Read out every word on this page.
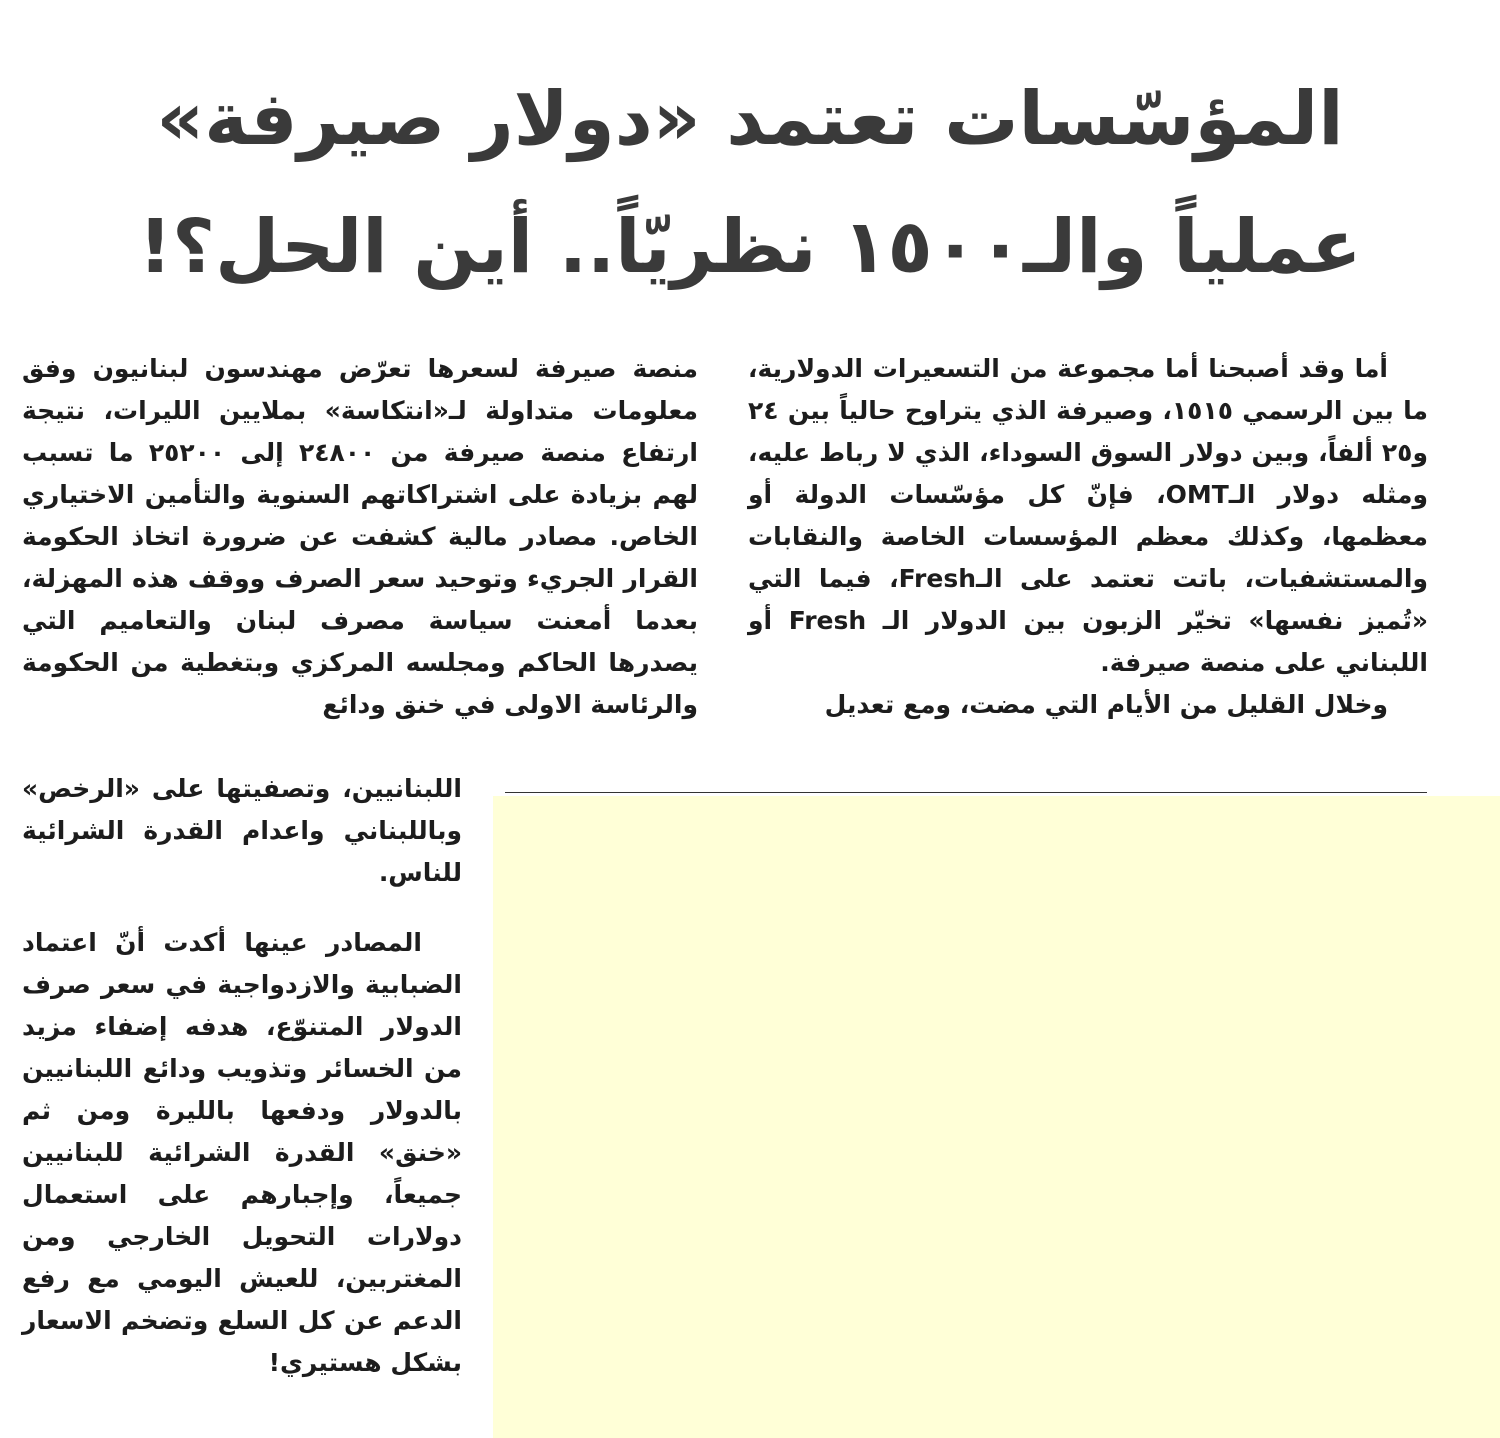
المؤسّسات تعتمد «دولار صيرفة»
عملياً والـ١٥٠٠ نظريّاً.. أين الحل؟!

أما وقد أصبحنا أما مجموعة من التسعيرات الدولارية، ما بين الرسمي ١٥١٥، وصيرفة الذي يتراوح حالياً بين ٢٤ و٢٥ ألفاً، وبين دولار السوق السوداء، الذي لا رباط عليه، ومثله دولار الـOMT، فإنّ كل مؤسّسات الدولة أو معظمها، وكذلك معظم المؤسسات الخاصة والنقابات والمستشفيات، باتت تعتمد على الـFresh، فيما التي «تُميز نفسها» تخيّر الزبون بين الدولار الـ Fresh أو اللبناني على منصة صيرفة.

وخلال القليل من الأيام التي مضت، ومع تعديل

منصة صيرفة لسعرها تعرّض مهندسون لبنانيون وفق معلومات متداولة لـ«انتكاسة» بملايين الليرات، نتيجة ارتفاع منصة صيرفة من ٢٤٨٠٠ إلى ٢٥٢٠٠ ما تسبب لهم بزيادة على اشتراكاتهم السنوية والتأمين الاختياري الخاص. مصادر مالية كشفت عن ضرورة اتخاذ الحكومة القرار الجريء وتوحيد سعر الصرف ووقف هذه المهزلة، بعدما أمعنت سياسة مصرف لبنان والتعاميم التي يصدرها الحاكم ومجلسه المركزي وبتغطية من الحكومة والرئاسة الاولى في خنق ودائع

اللبنانيين، وتصفيتها على «الرخص» وباللبناني واعدام القدرة الشرائية للناس.

المصادر عينها أكدت أنّ اعتماد الضبابية والازدواجية في سعر صرف الدولار المتنوّع، هدفه إضفاء مزيد من الخسائر وتذويب ودائع اللبنانيين بالدولار ودفعها بالليرة ومن ثم «خنق» القدرة الشرائية للبنانيين جميعاً، وإجبارهم على استعمال دولارات التحويل الخارجي ومن المغتربين، للعيش اليومي مع رفع الدعم عن كل السلع وتضخم الاسعار بشكل هستيري!
